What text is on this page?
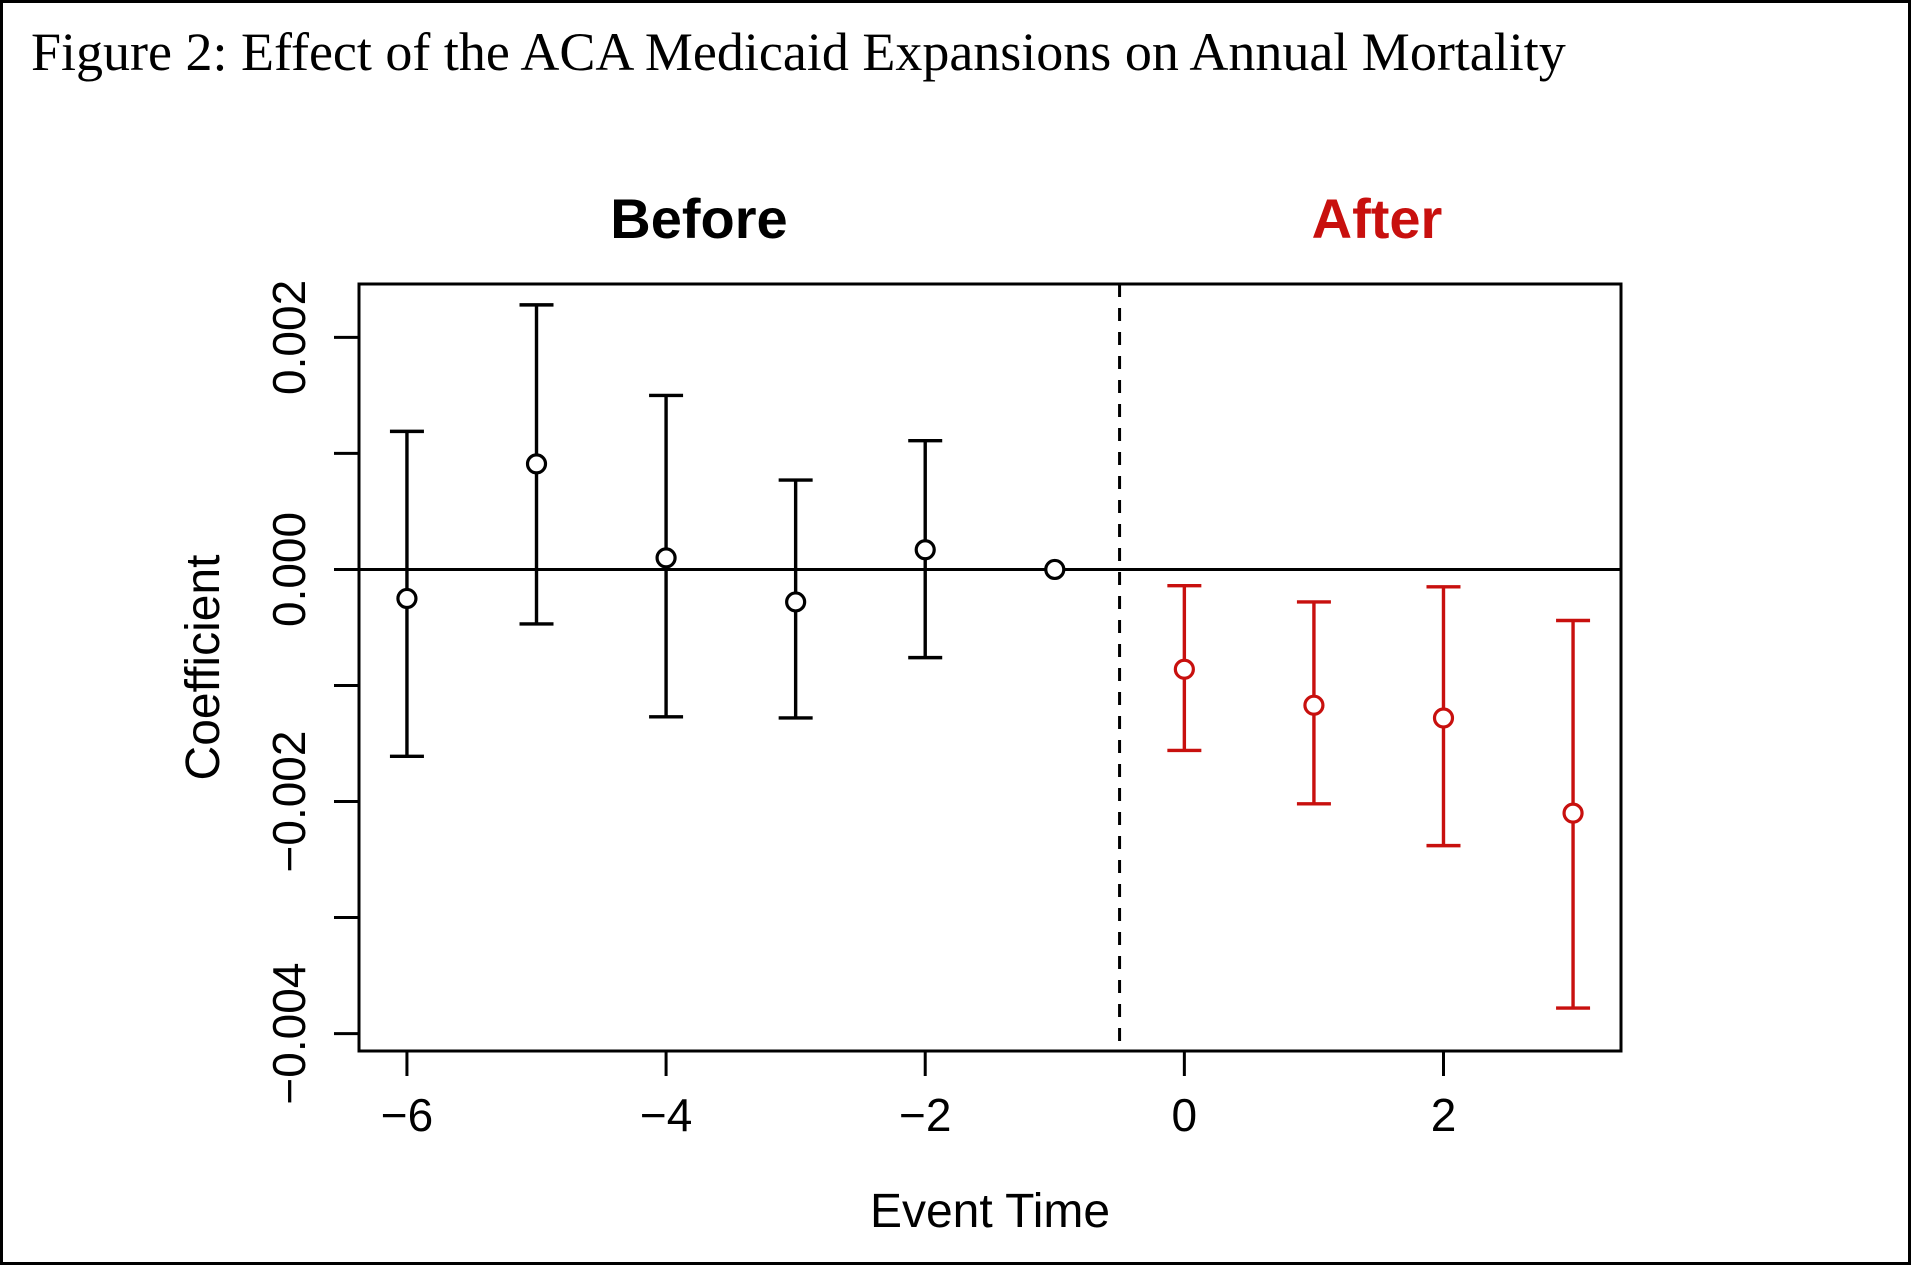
Figure 2: Effect of the ACA Medicaid Expansions on Annual Mortality
Before	After
0.002
0.000
−0.002
−0.004
−6	−4	−2	0	2
Coefficient
Event Time
